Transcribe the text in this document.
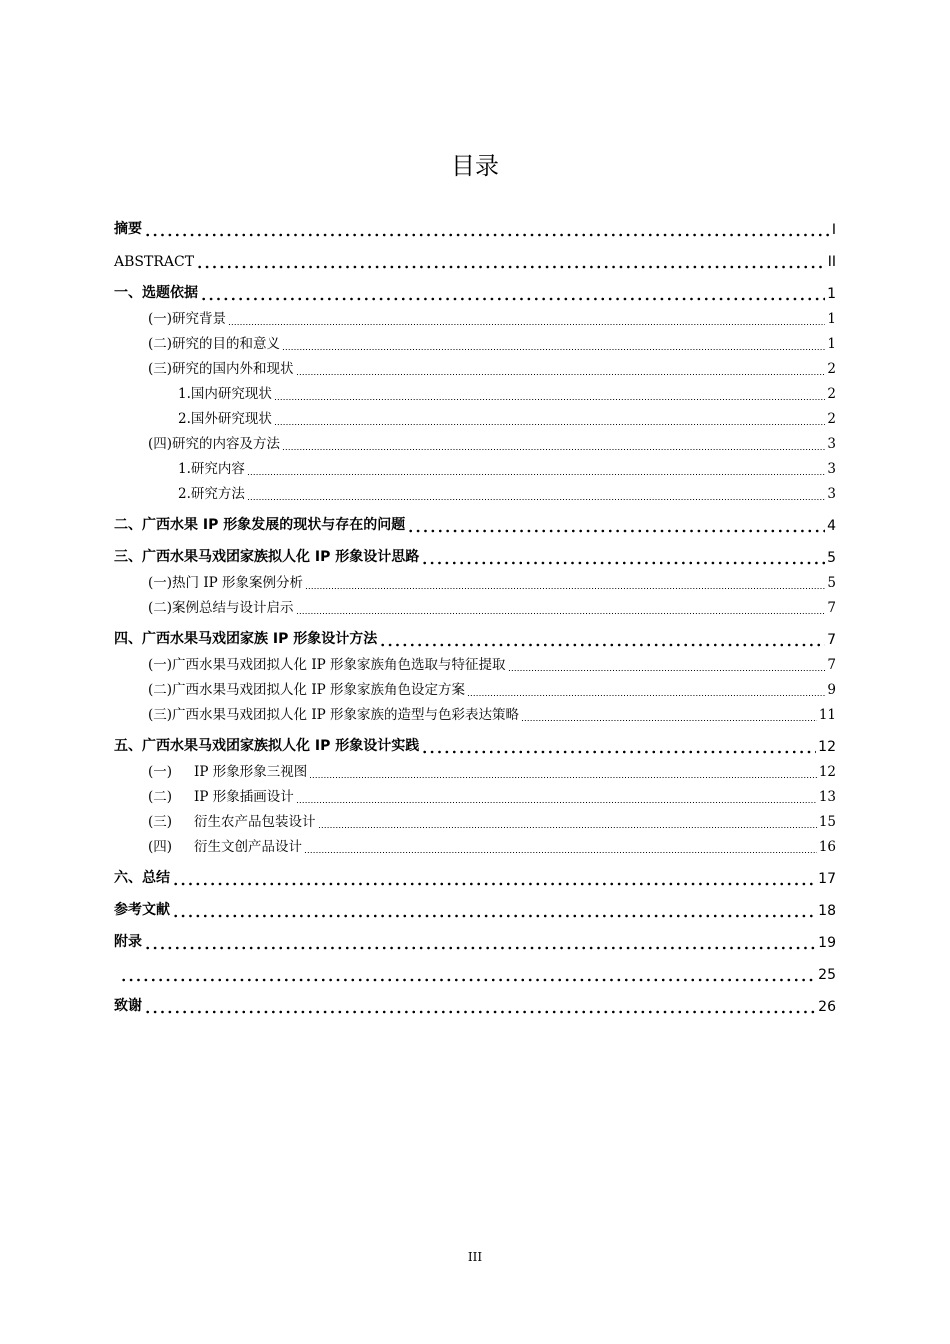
目录
摘要	I
ABSTRACT	II
一、选题依据	1
(一)研究背景	1
(二)研究的目的和意义	1
(三)研究的国内外和现状	2
1.国内研究现状	2
2.国外研究现状	2
(四)研究的内容及方法	3
1.研究内容	3
2.研究方法	3
二、广西水果 IP 形象发展的现状与存在的问题	4
三、广西水果马戏团家族拟人化 IP 形象设计思路	5
(一)热门 IP 形象案例分析	5
(二)案例总结与设计启示	7
四、广西水果马戏团家族 IP 形象设计方法	7
(一)广西水果马戏团拟人化 IP 形象家族角色选取与特征提取	7
(二)广西水果马戏团拟人化 IP 形象家族角色设定方案	9
(三)广西水果马戏团拟人化 IP 形象家族的造型与色彩表达策略	11
五、广西水果马戏团家族拟人化 IP 形象设计实践	12
(一) IP 形象形象三视图	12
(二) IP 形象插画设计	13
(三) 衍生农产品包装设计	15
(四) 衍生文创产品设计	16
六、总结	17
参考文献	18
附录	19
25
致谢	26
III
